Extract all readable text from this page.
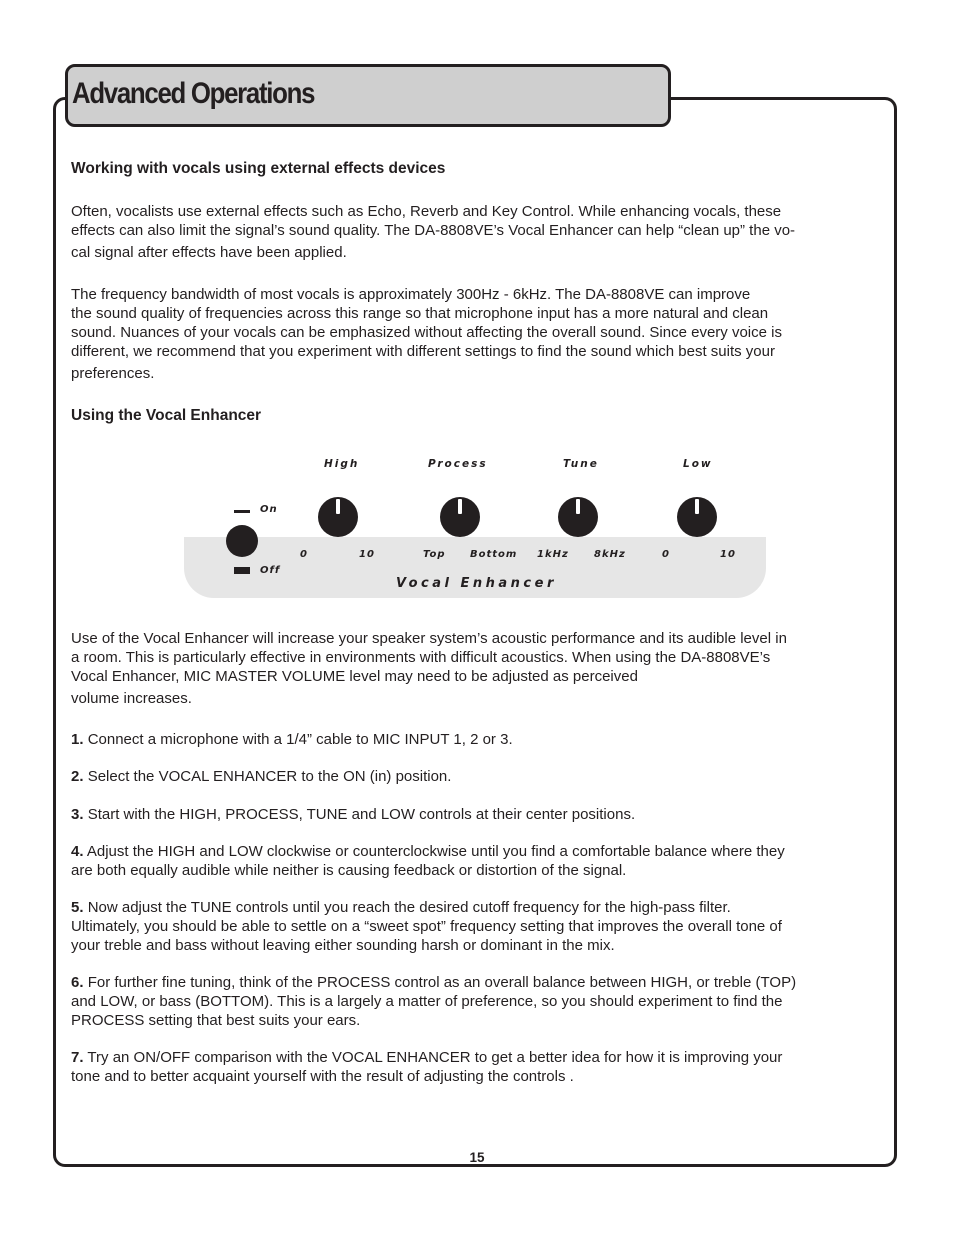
Advanced Operations
Working with vocals using external effects devices

Often, vocalists use external effects such as Echo, Reverb and Key Control. While enhancing vocals, these
effects can also limit the signal’s sound quality. The DA-8808VE’s Vocal Enhancer can help “clean up” the vo-
cal signal after effects have been applied.

The frequency bandwidth of most vocals is approximately 300Hz - 6kHz. The DA-8808VE can improve
the sound quality of frequencies across this range so that microphone input has a more natural and clean
sound. Nuances of your vocals can be emphasized without affecting the overall sound. Since every voice is
different, we recommend that you experiment with different settings to find the sound which best suits your
preferences.

Using the Vocal Enhancer
High	Process	Tune	Low
0	10	Top Bottom 1kHz	8kHz	0	10
On
Off
Vocal Enhancer

Use of the Vocal Enhancer will increase your speaker system’s acoustic performance and its audible level in
a room. This is particularly effective in environments with difficult acoustics. When using the DA-8808VE’s
Vocal Enhancer, MIC MASTER VOLUME level may need to be adjusted as perceived
volume increases.

1. Connect a microphone with a 1/4” cable to MIC INPUT 1, 2 or 3.

2. Select the VOCAL ENHANCER to the ON (in) position.

3. Start with the HIGH, PROCESS, TUNE and LOW controls at their center positions.

4. Adjust the HIGH and LOW clockwise or counterclockwise until you find a comfortable balance where they
are both equally audible while neither is causing feedback or distortion of the signal.

5. Now adjust the TUNE controls until you reach the desired cutoff frequency for the high-pass filter.
Ultimately, you should be able to settle on a “sweet spot” frequency setting that improves the overall tone of
your treble and bass without leaving either sounding harsh or dominant in the mix.

6. For further fine tuning, think of the PROCESS control as an overall balance between HIGH, or treble (TOP)
and LOW, or bass (BOTTOM). This is a largely a matter of preference, so you should experiment to find the
PROCESS setting that best suits your ears.

7. Try an ON/OFF comparison with the VOCAL ENHANCER to get a better idea for how it is improving your
tone and to better acquaint yourself with the result of adjusting the controls .

15
